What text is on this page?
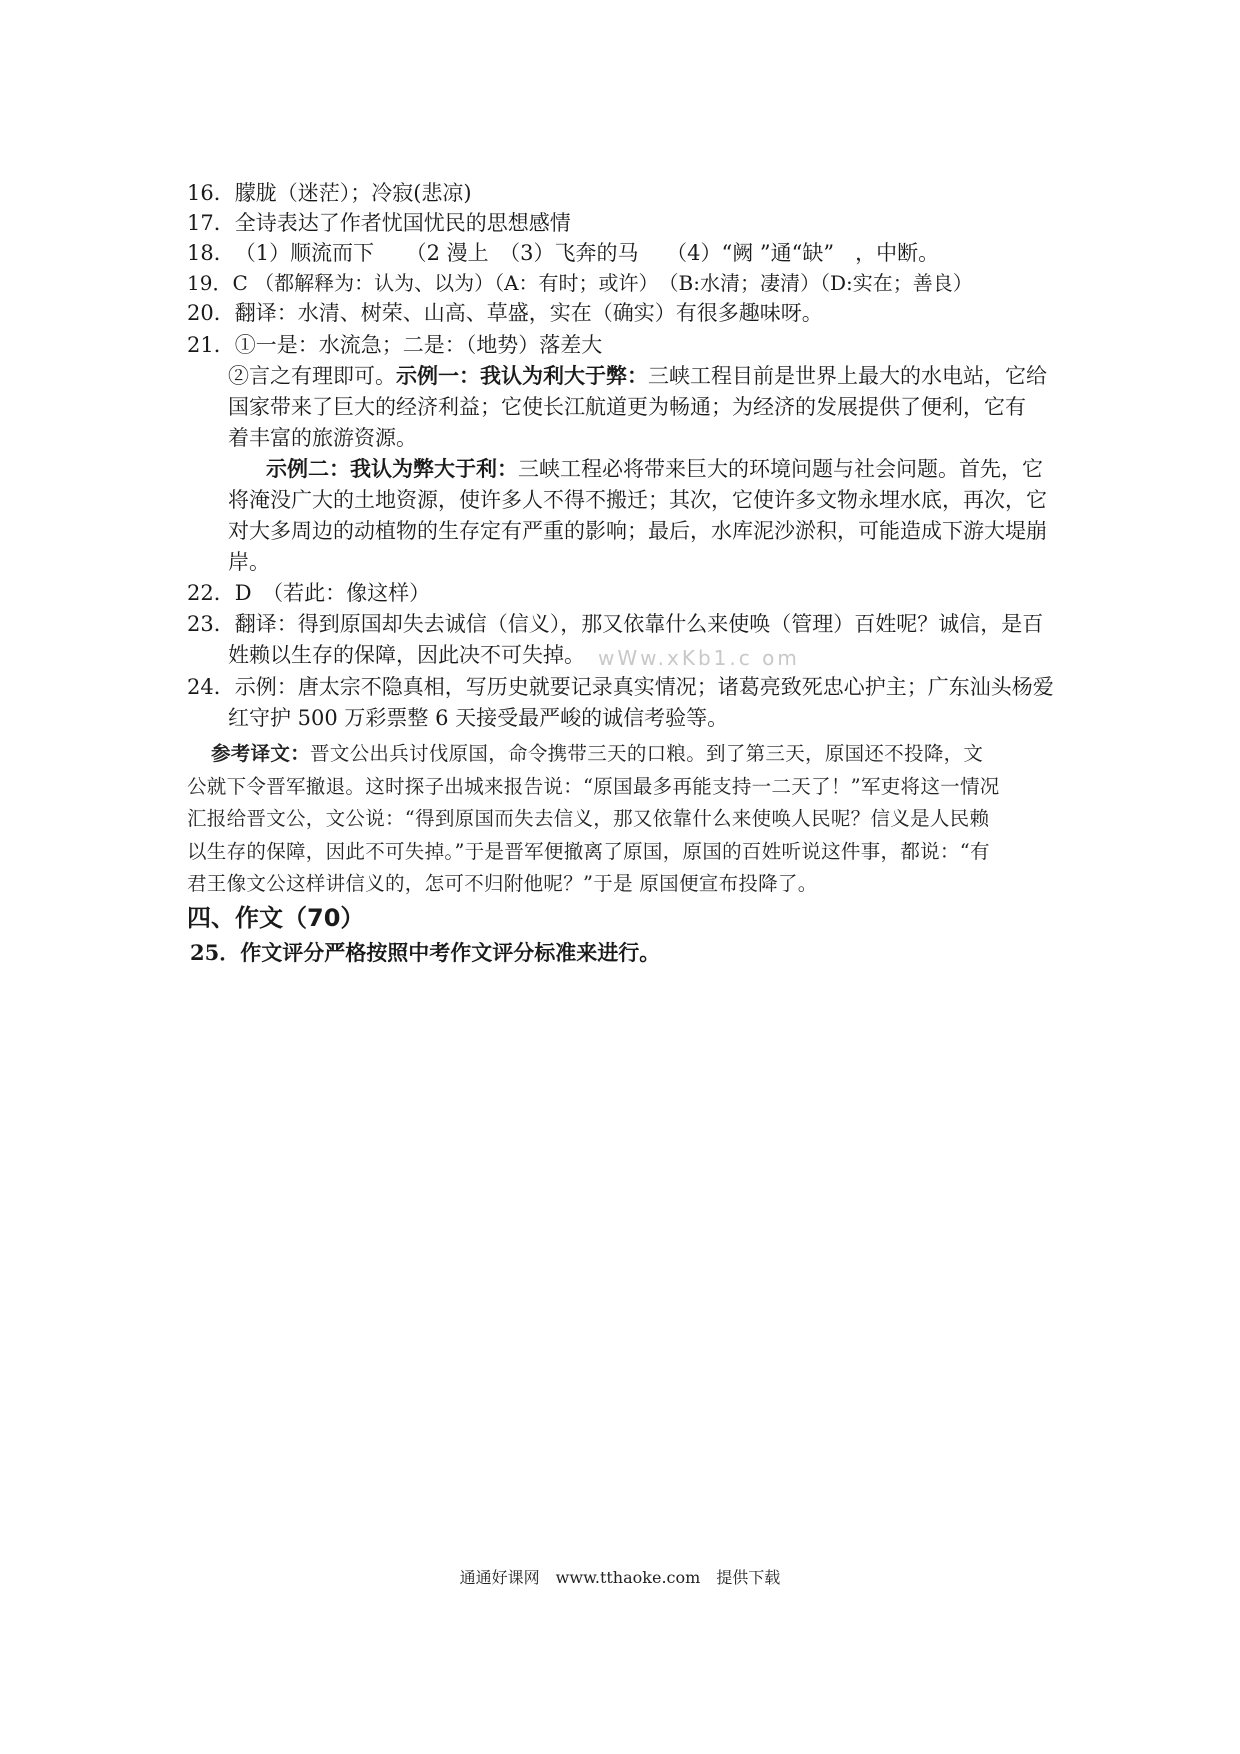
16．朦胧（迷茫）；冷寂(悲凉)
17．全诗表达了作者忧国忧民的思想感情
18．（1）顺流而下　　（2 漫上　（3）飞奔的马　 （4）“阙 ”通“缺”　，中断。
19．C （都解释为：认为、以为）（A：有时；或许）　（B:水清；凄清）（D:实在；善良）
20．翻译：水清、树荣、山高、草盛，实在（确实）有很多趣味呀。
21．①一是：水流急；二是：（地势）落差大
②言之有理即可。示例一：我认为利大于弊：三峡工程目前是世界上最大的水电站，它给
国家带来了巨大的经济利益；它使长江航道更为畅通；为经济的发展提供了便利，它有
着丰富的旅游资源。
示例二：我认为弊大于利：三峡工程必将带来巨大的环境问题与社会问题。首先，它
将淹没广大的土地资源，使许多人不得不搬迁；其次，它使许多文物永埋水底，再次，它
对大多周边的动植物的生存定有严重的影响；最后，水库泥沙淤积，可能造成下游大堤崩
岸。
22．D　（若此：像这样）
23．翻译：得到原国却失去诚信（信义），那又依靠什么来使唤（管理）百姓呢？诚信，是百
姓赖以生存的保障，因此决不可失掉。 wWw.xKb1.c om
24．示例：唐太宗不隐真相，写历史就要记录真实情况；诸葛亮致死忠心护主；广东汕头杨爱
红守护 500 万彩票整 6 天接受最严峻的诚信考验等。
参考译文：晋文公出兵讨伐原国，命令携带三天的口粮。到了第三天，原国还不投降，文
公就下令晋军撤退。这时探子出城来报告说：“原国最多再能支持一二天了！”军吏将这一情况
汇报给晋文公，文公说：“得到原国而失去信义，那又依靠什么来使唤人民呢？信义是人民赖
以生存的保障，因此不可失掉。”于是晋军便撤离了原国，原国的百姓听说这件事，都说：“有
君王像文公这样讲信义的，怎可不归附他呢？”于是 原国便宣布投降了。
四、作文（70）
25．作文评分严格按照中考作文评分标准来进行。
通通好课网　www.tthaoke.com　提供下载
